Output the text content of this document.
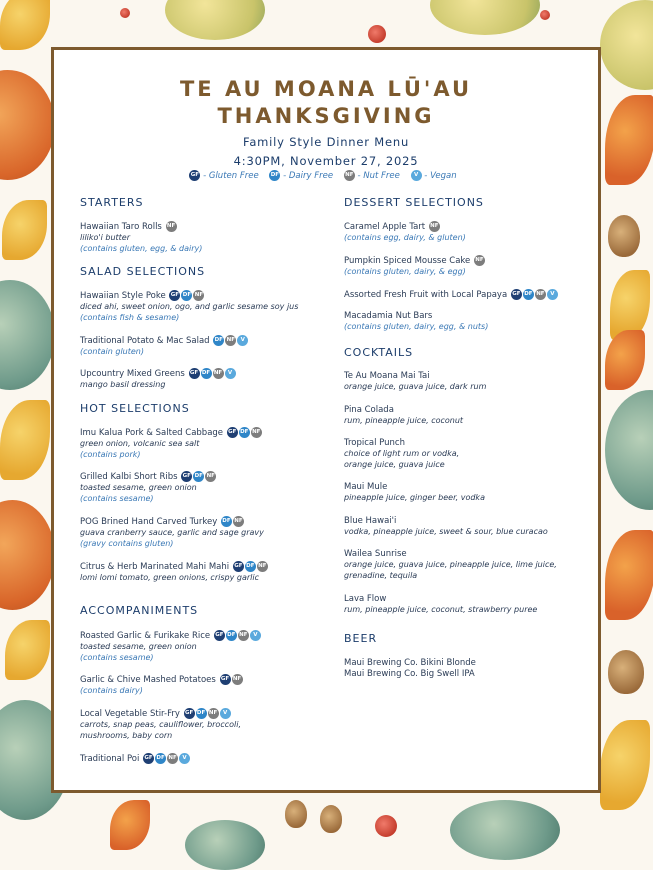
TE AU MOANA LŪ'AU
THANKSGIVING
Family Style Dinner Menu
4:30PM, November 27, 2025
GF - Gluten Free DF - Dairy Free NF - Nut Free	V - Vegan
STARTERS
Hawaiian Taro Rolls NF
liliko'i butter
(contains gluten, egg, & dairy)
SALAD SELECTIONS
Hawaiian Style Poke GF DF NF
diced ahi, sweet onion, ogo, and garlic sesame soy jus
(contains fish & sesame)
Traditional Potato & Mac Salad DF NF V
(contain gluten)
Upcountry Mixed Greens GF DF NF V
mango basil dressing
HOT SELECTIONS
Imu Kalua Pork & Salted Cabbage GF DF NF
green onion, volcanic sea salt
(contains pork)
Grilled Kalbi Short Ribs GF DF NF
toasted sesame, green onion
(contains sesame)
POG Brined Hand Carved Turkey DF NF
guava cranberry sauce, garlic and sage gravy
(gravy contains gluten)
Citrus & Herb Marinated Mahi Mahi GF DF NF
lomi lomi tomato, green onions, crispy garlic
ACCOMPANIMENTS
Roasted Garlic & Furikake Rice GF DF NF V
toasted sesame, green onion
(contains sesame)
Garlic & Chive Mashed Potatoes GF NF
(contains dairy)
Local Vegetable Stir-Fry GF DF NF V
carrots, snap peas, cauliflower, broccoli,
mushrooms, baby corn
Traditional Poi GF DF NF V
DESSERT SELECTIONS
Caramel Apple Tart NF
(contains egg, dairy, & gluten)
Pumpkin Spiced Mousse Cake NF
(contains gluten, dairy, & egg)
Assorted Fresh Fruit with Local Papaya GF DF NF V
Macadamia Nut Bars
(contains gluten, dairy, egg, & nuts)
COCKTAILS
Te Au Moana Mai Tai
orange juice, guava juice, dark rum
Pina Colada
rum, pineapple juice, coconut
Tropical Punch
choice of light rum or vodka,
orange juice, guava juice
Maui Mule
pineapple juice, ginger beer, vodka
Blue Hawai'i
vodka, pineapple juice, sweet & sour, blue curacao
Wailea Sunrise
orange juice, guava juice, pineapple juice, lime juice,
grenadine, tequila
Lava Flow
rum, pineapple juice, coconut, strawberry puree
BEER
Maui Brewing Co. Bikini Blonde
Maui Brewing Co. Big Swell IPA
